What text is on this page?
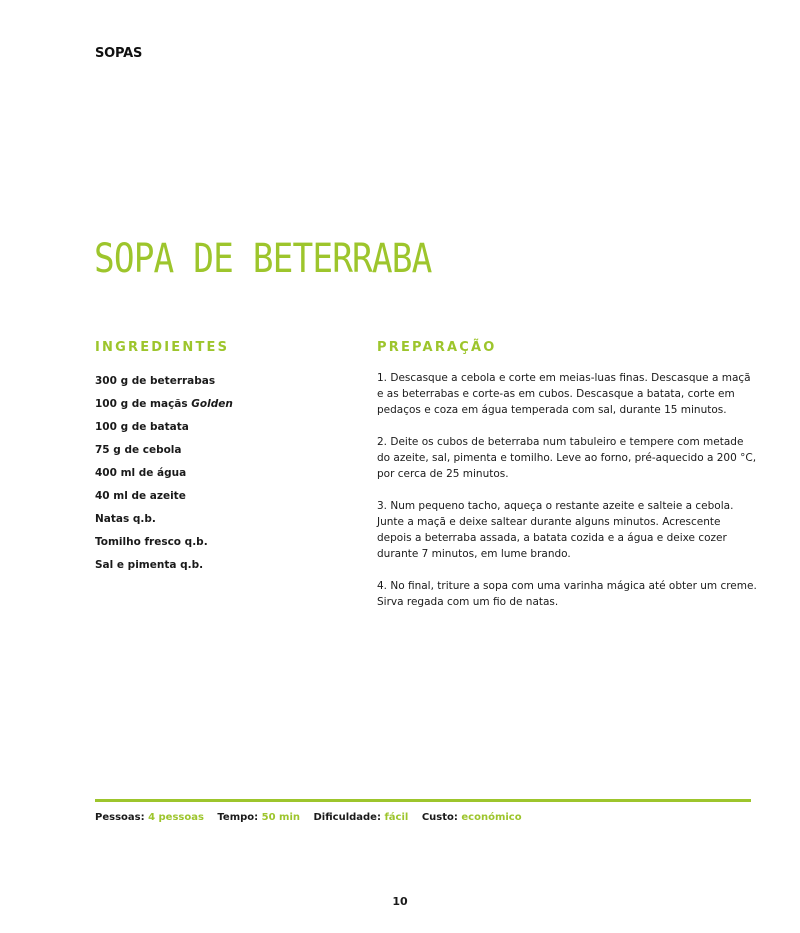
SOPAS
SOPA DE BETERRABA
INGREDIENTES	PREPARAÇÃO
300 g de beterrabas
100 g de maçãs Golden
100 g de batata
75 g de cebola
400 ml de água
40 ml de azeite
Natas q.b.
Tomilho fresco q.b.
Sal e pimenta q.b.

1. Descasque a cebola e corte em meias-luas finas. Descasque a maçã e as beterrabas e corte-as em cubos. Descasque a batata, corte em pedaços e coza em água temperada com sal, durante 15 minutos.

2. Deite os cubos de beterraba num tabuleiro e tempere com metade do azeite, sal, pimenta e tomilho. Leve ao forno, pré-aquecido a 200 °C, por cerca de 25 minutos.

3. Num pequeno tacho, aqueça o restante azeite e salteie a cebola. Junte a maçã e deixe saltear durante alguns minutos. Acrescente depois a beterraba assada, a batata cozida e a água e deixe cozer durante 7 minutos, em lume brando.

4. No final, triture a sopa com uma varinha mágica até obter um creme. Sirva regada com um fio de natas.

Pessoas: 4 pessoas Tempo: 50 min Dificuldade: fácil Custo: económico
10
